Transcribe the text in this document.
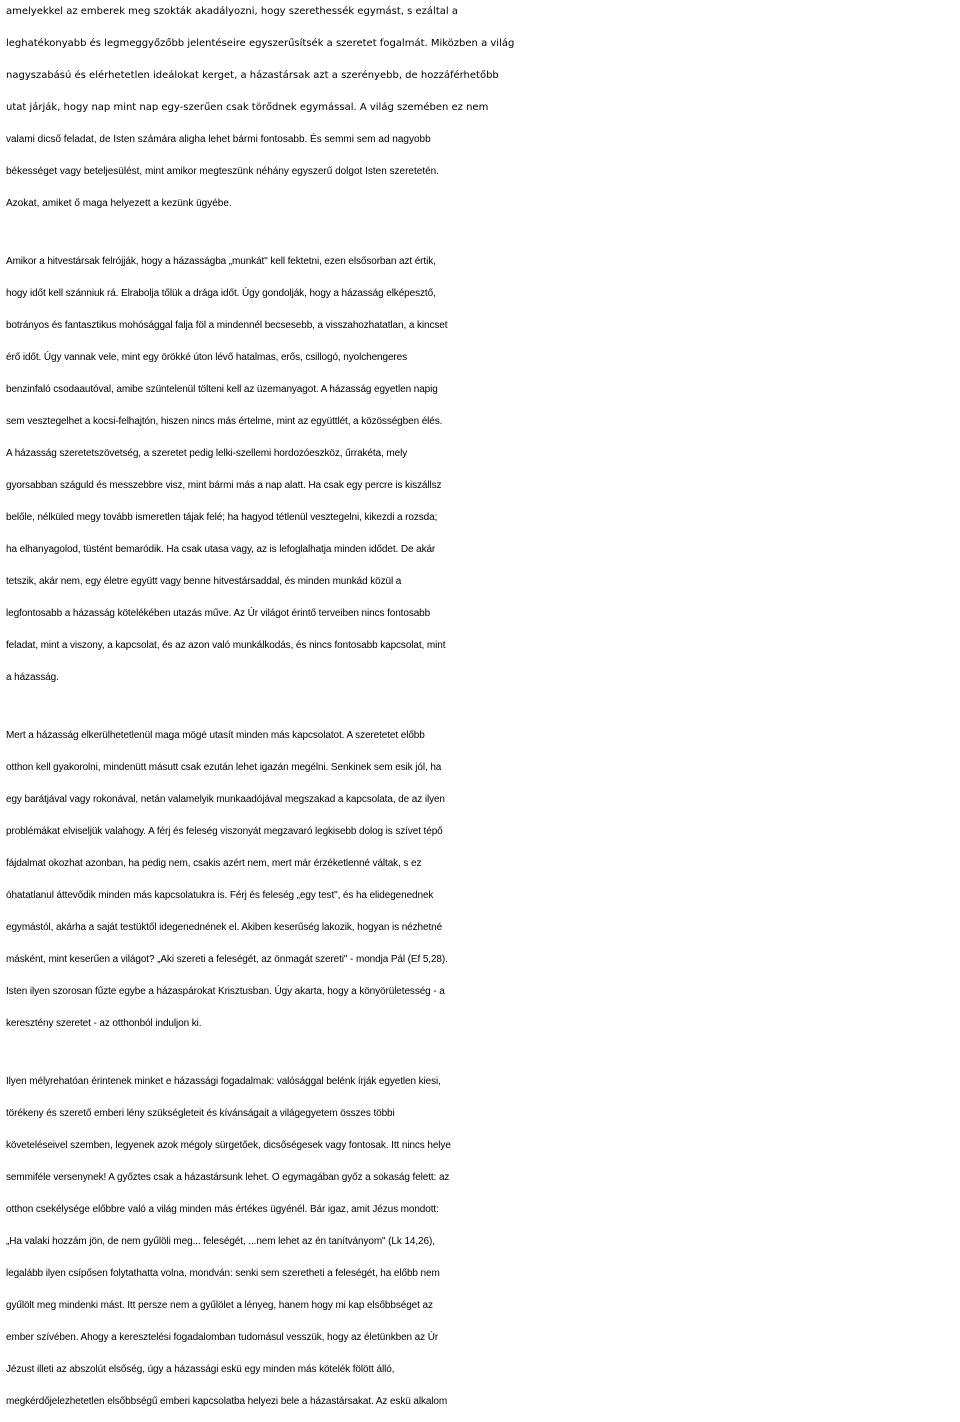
amelyekkel az emberek meg szokták akadályozni, hogy szerethessék egymást, s ezáltal a
leghatékonyabb és legmeggyőzőbb jelentéseire egyszerűsítsék a szeretet fogalmát. Miközben a világ
nagyszabású és elérhetetlen ideálokat kerget, a házastársak azt a szerényebb, de hozzáférhetőbb
utat járják, hogy nap mint nap egy-szerűen csak törődnek egymással. A világ szemében ez nem
valami dicső feladat, de Isten számára aligha lehet bármi fontosabb. És semmi sem ad nagyobb
békességet vagy beteljesülést, mint amikor megteszünk néhány egyszerű dolgot Isten szeretetén.
Azokat, amiket ő maga helyezett a kezünk ügyébe.
Amikor a hitvestársak felrójják, hogy a házasságba „munkát" kell fektetni, ezen elsősorban azt értik,
hogy időt kell szánniuk rá. Elrabolja tőlük a drága időt. Úgy gondolják, hogy a házasság elképesztő,
botrányos és fantasztikus mohósággal falja föl a mindennél becsesebb, a visszahozhatatlan, a kincset
érő időt. Úgy vannak vele, mint egy örökké úton lévő hatalmas, erős, csillogó, nyolchengeres
benzinfaló csodaautóval, amibe szüntelenül tölteni kell az üzemanyagot. A házasság egyetlen napig
sem vesztegelhet a kocsi-felhajtón, hiszen nincs más értelme, mint az együttlét, a közösségben élés.
A házasság szeretetszövetség, a szeretet pedig lelki-szellemi hordozóeszköz, űrrakéta, mely
gyorsabban száguld és messzebbre visz, mint bármi más a nap alatt. Ha csak egy percre is kiszállsz
belőle, nélküled megy tovább ismeretlen tájak felé; ha hagyod tétlenül vesztegelni, kikezdi a rozsda;
ha elhanyagolod, tüstént bemaródik. Ha csak utasa vagy, az is lefoglalhatja minden idődet. De akár
tetszik, akár nem, egy életre együtt vagy benne hitvestársaddal, és minden munkád közül a
legfontosabb a házasság kötelékében utazás műve. Az Úr világot érintő terveiben nincs fontosabb
feladat, mint a viszony, a kapcsolat, és az azon való munkálkodás, és nincs fontosabb kapcsolat, mint
a házasság.
Mert a házasság elkerülhetetlenül maga mögé utasít minden más kapcsolatot. A szeretetet előbb
otthon kell gyakorolni, mindenütt másutt csak ezután lehet igazán megélni. Senkinek sem esik jól, ha
egy barátjával vagy rokonával, netán valamelyik munkaadójával megszakad a kapcsolata, de az ilyen
problémákat elviseljük valahogy. A férj és feleség viszonyát megzavaró legkisebb dolog is szívet tépő
fájdalmat okozhat azonban, ha pedig nem, csakis azért nem, mert már érzéketlenné váltak, s ez
óhatatlanul áttevődik minden más kapcsolatukra is. Férj és feleség „egy test", és ha elidegenednek
egymástól, akárha a saját testüktől idegenednének el. Akiben keserűség lakozik, hogyan is nézhetné
másként, mint keserűen a világot? „Aki szereti a feleségét, az önmagát szereti" - mondja Pál (Ef 5,28).
Isten ilyen szorosan fűzte egybe a házaspárokat Krisztusban. Úgy akarta, hogy a könyörületesség - a
keresztény szeretet - az otthonból induljon ki.
Ilyen mélyrehatóan érintenek minket e házassági fogadalmak: valósággal belénk írják egyetlen kiesi,
törékeny és szerető emberi lény szükségleteit és kívánságait a világegyetem összes többi
követeléseivel szemben, legyenek azok mégoly sürgetőek, dicsőségesek vagy fontosak. Itt nincs helye
semmiféle versenynek! A győztes csak a házastársunk lehet. O egymagában győz a sokaság felett: az
otthon csekélysége előbbre való a világ minden más értékes ügyénél. Bár igaz, amit Jézus mondott:
„Ha valaki hozzám jön, de nem gyűlöli meg... feleségét, ...nem lehet az én tanítványom" (Lk 14,26),
legalább ilyen csípősen folytathatta volna, mondván: senki sem szeretheti a feleségét, ha előbb nem
gyűlölt meg mindenki mást. Itt persze nem a gyűlölet a lényeg, hanem hogy mi kap elsőbbséget az
ember szívében. Ahogy a keresztelési fogadalomban tudomásul vesszük, hogy az életünkben az Úr
Jézust illeti az abszolút elsőség, úgy a házassági eskü egy minden más kötelék fölött álló,
megkérdőjelezhetetlen elsőbbségű emberi kapcsolatba helyezi bele a házastársakat. Az eskü alkalom
